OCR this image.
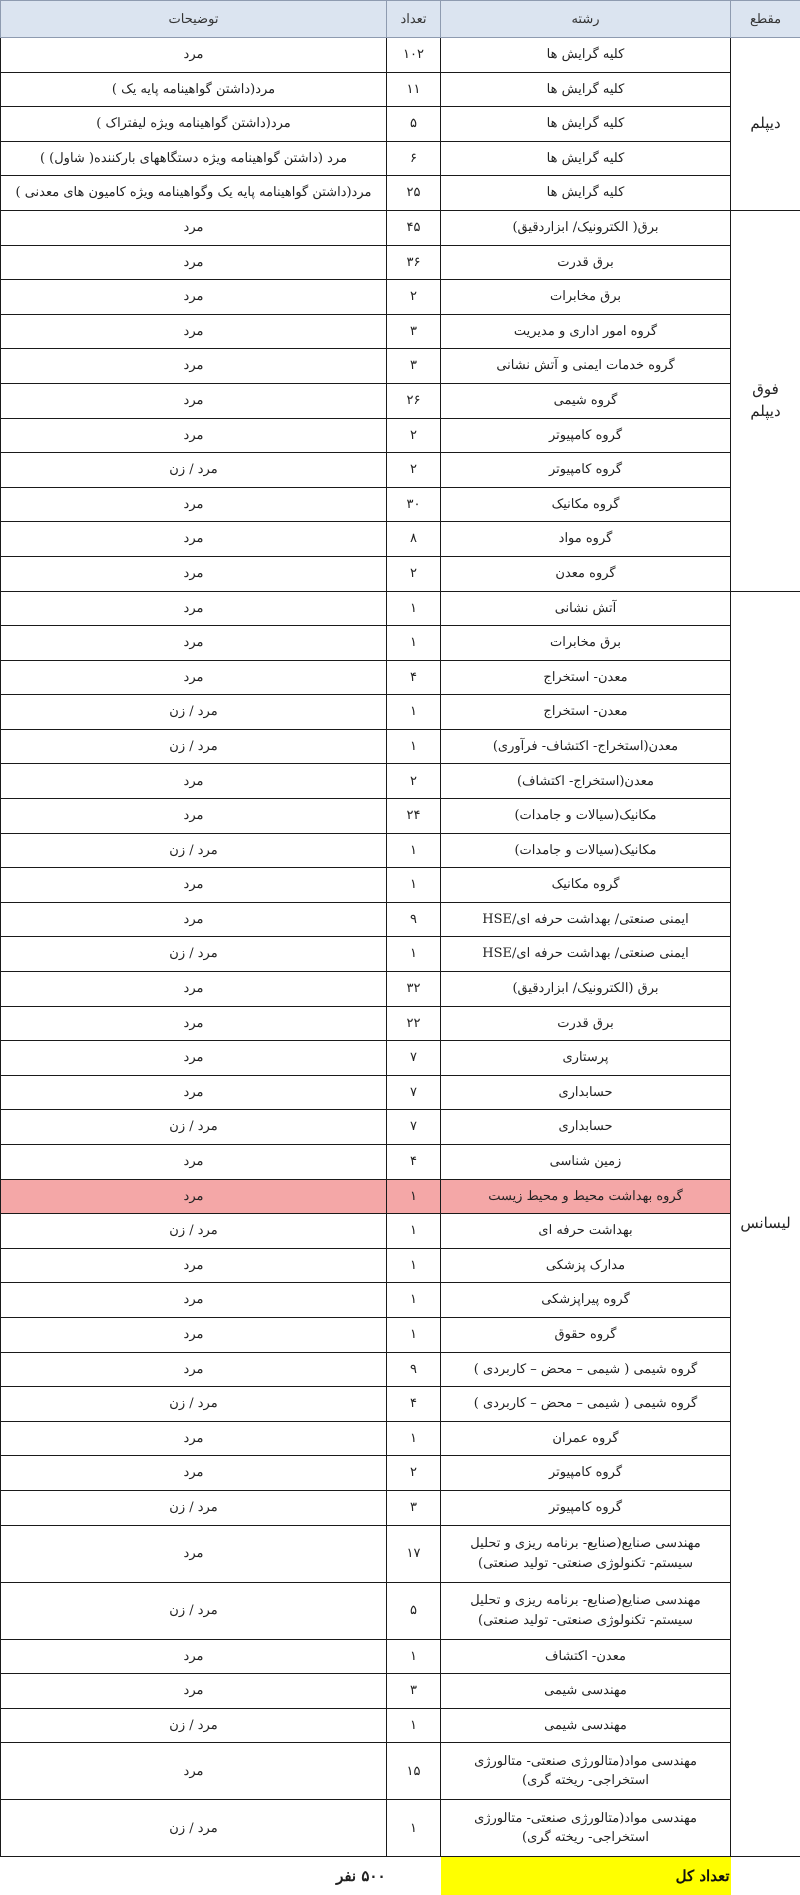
مقطع	رشته	تعداد	توضیحات
دیپلم	کلیه گرایش ها	۱۰۲	مرد
	کلیه گرایش ها	۱۱	مرد(داشتن گواهینامه پایه یک )
	کلیه گرایش ها	۵	مرد(داشتن گواهینامه ویژه لیفتراک )
	کلیه گرایش ها	۶	مرد (داشتن گواهینامه ویژه دستگاههای بارکننده( شاول) )
	کلیه گرایش ها	۲۵	مرد(داشتن گواهینامه پایه یک وگواهینامه ویژه کامیون های معدنی )
فوق دیپلم	برق( الکترونیک/ ابزاردقیق)	۴۵	مرد
	برق قدرت	۳۶	مرد
	برق مخابرات	۲	مرد
	گروه امور اداری و مدیریت	۳	مرد
	گروه خدمات ایمنی و آتش نشانی	۳	مرد
	گروه شیمی	۲۶	مرد
	گروه کامپیوتر	۲	مرد
	گروه کامپیوتر	۲	مرد / زن
	گروه مکانیک	۳۰	مرد
	گروه مواد	۸	مرد
	گروه معدن	۲	مرد
لیسانس	آتش نشانی	۱	مرد
	برق مخابرات	۱	مرد
	معدن- استخراج	۴	مرد
	معدن- استخراج	۱	مرد / زن
	معدن(استخراج- اکتشاف- فرآوری)	۱	مرد / زن
	معدن(استخراج- اکتشاف)	۲	مرد
	مکانیک(سیالات و جامدات)	۲۴	مرد
	مکانیک(سیالات و جامدات)	۱	مرد / زن
	گروه مکانیک	۱	مرد
	ایمنی صنعتی/ بهداشت حرفه ای/HSE	۹	مرد
	ایمنی صنعتی/ بهداشت حرفه ای/HSE	۱	مرد / زن
	برق (الکترونیک/ ابزاردقیق)	۳۲	مرد
	برق قدرت	۲۲	مرد
	پرستاری	۷	مرد
	حسابداری	۷	مرد
	حسابداری	۷	مرد / زن
	زمین شناسی	۴	مرد
	گروه بهداشت محیط و محیط زیست	۱	مرد
	بهداشت حرفه ای	۱	مرد / زن
	مدارک پزشکی	۱	مرد
	گروه پیراپزشکی	۱	مرد
	گروه حقوق	۱	مرد
	گروه شیمی ( شیمی – محض – کاربردی )	۹	مرد
	گروه شیمی ( شیمی – محض – کاربردی )	۴	مرد / زن
	گروه عمران	۱	مرد
	گروه کامپیوتر	۲	مرد
	گروه کامپیوتر	۳	مرد / زن
	مهندسی صنایع(صنایع- برنامه ریزی و تحلیل سیستم- تکنولوژی صنعتی- تولید صنعتی)	۱۷	مرد
	مهندسی صنایع(صنایع- برنامه ریزی و تحلیل سیستم- تکنولوژی صنعتی- تولید صنعتی)	۵	مرد / زن
	معدن- اکتشاف	۱	مرد
	مهندسی شیمی	۳	مرد
	مهندسی شیمی	۱	مرد / زن
	مهندسی مواد(متالورژی صنعتی- متالورژی استخراجی- ریخته گری)	۱۵	مرد
	مهندسی مواد(متالورژی صنعتی- متالورژی استخراجی- ریخته گری)	۱	مرد / زن
	تعداد کل		۵۰۰ نفر
